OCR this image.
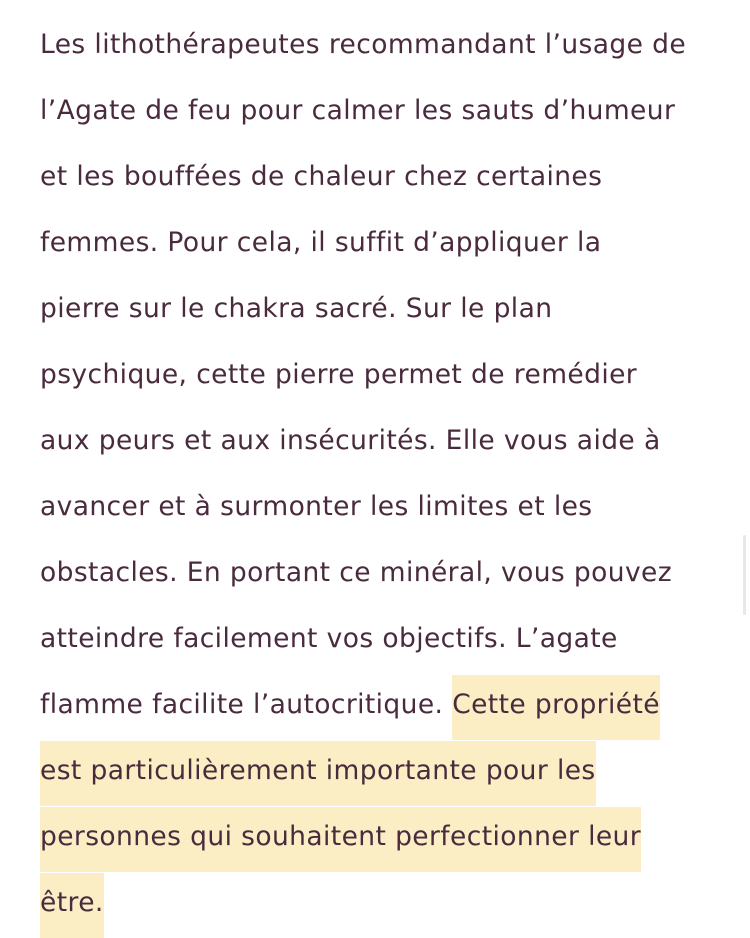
Les lithothérapeutes recommandant l’usage de
l’Agate de feu pour calmer les sauts d’humeur
et les bouffées de chaleur chez certaines
femmes. Pour cela, il suffit d’appliquer la
pierre sur le chakra sacré. Sur le plan
psychique, cette pierre permet de remédier
aux peurs et aux insécurités. Elle vous aide à
avancer et à surmonter les limites et les
obstacles. En portant ce minéral, vous pouvez
atteindre facilement vos objectifs. L’agate
flamme facilite l’autocritique. Cette propriété
est particulièrement importante pour les
personnes qui souhaitent perfectionner leur
être.
